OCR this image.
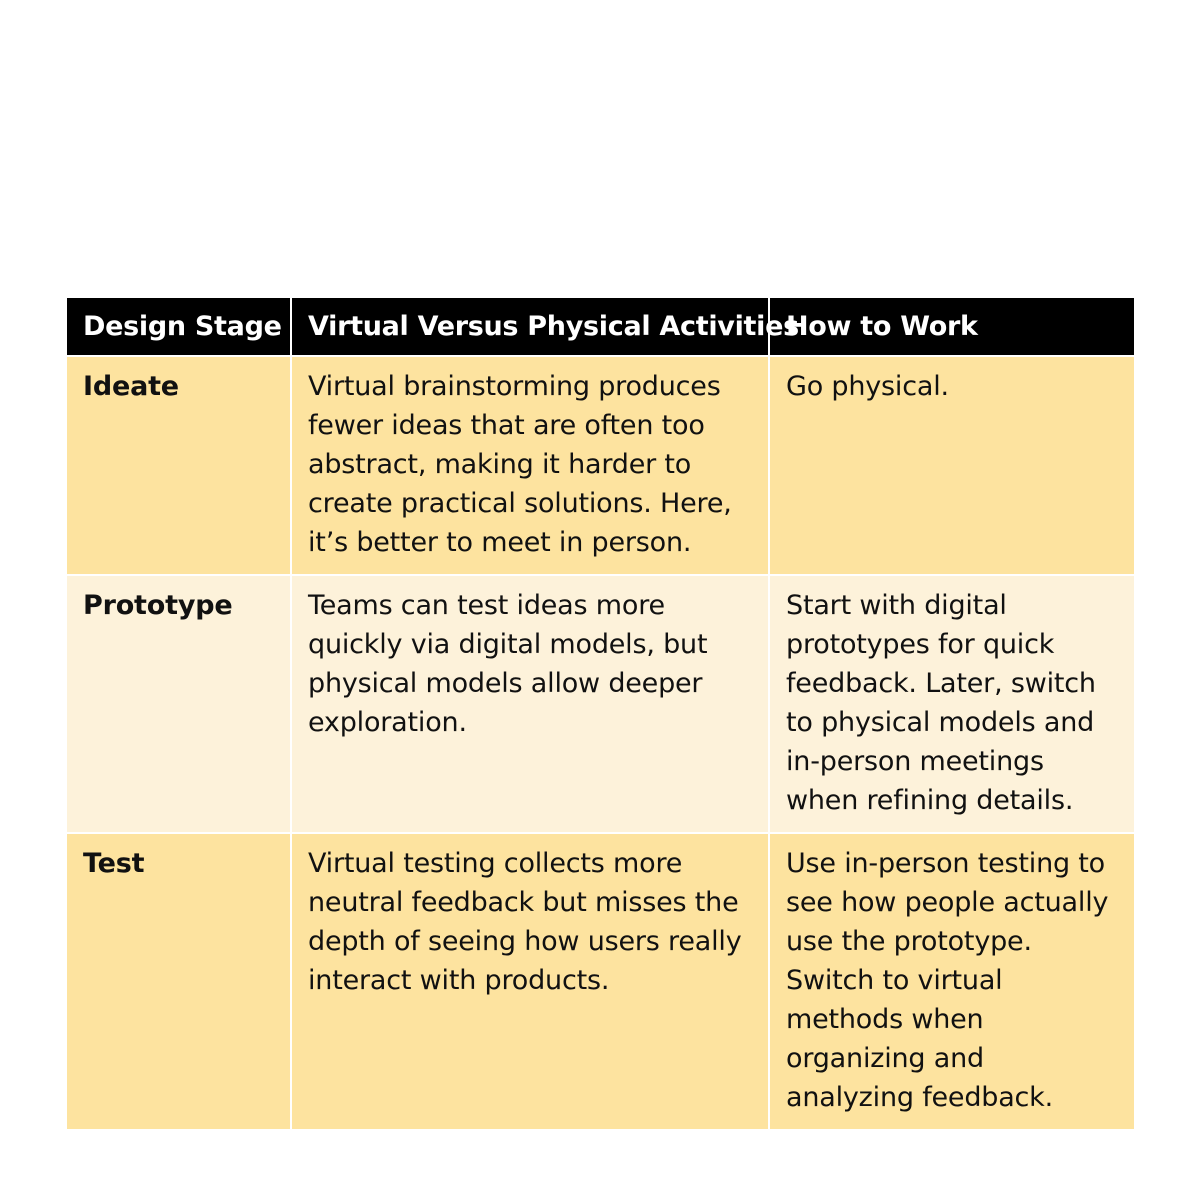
Design Stage	Virtual Versus Physical Activities	How to Work
Ideate	Virtual brainstorming produces fewer ideas that are often too abstract, making it harder to create practical solutions. Here, it’s better to meet in person.	Go physical.
Prototype	Teams can test ideas more quickly via digital models, but physical models allow deeper exploration.	Start with digital prototypes for quick feedback. Later, switch to physical models and in-person meetings when refining details.
Test	Virtual testing collects more neutral feedback but misses the depth of seeing how users really interact with products.	Use in-person testing to see how people actually use the prototype. Switch to virtual methods when organizing and analyzing feedback.
